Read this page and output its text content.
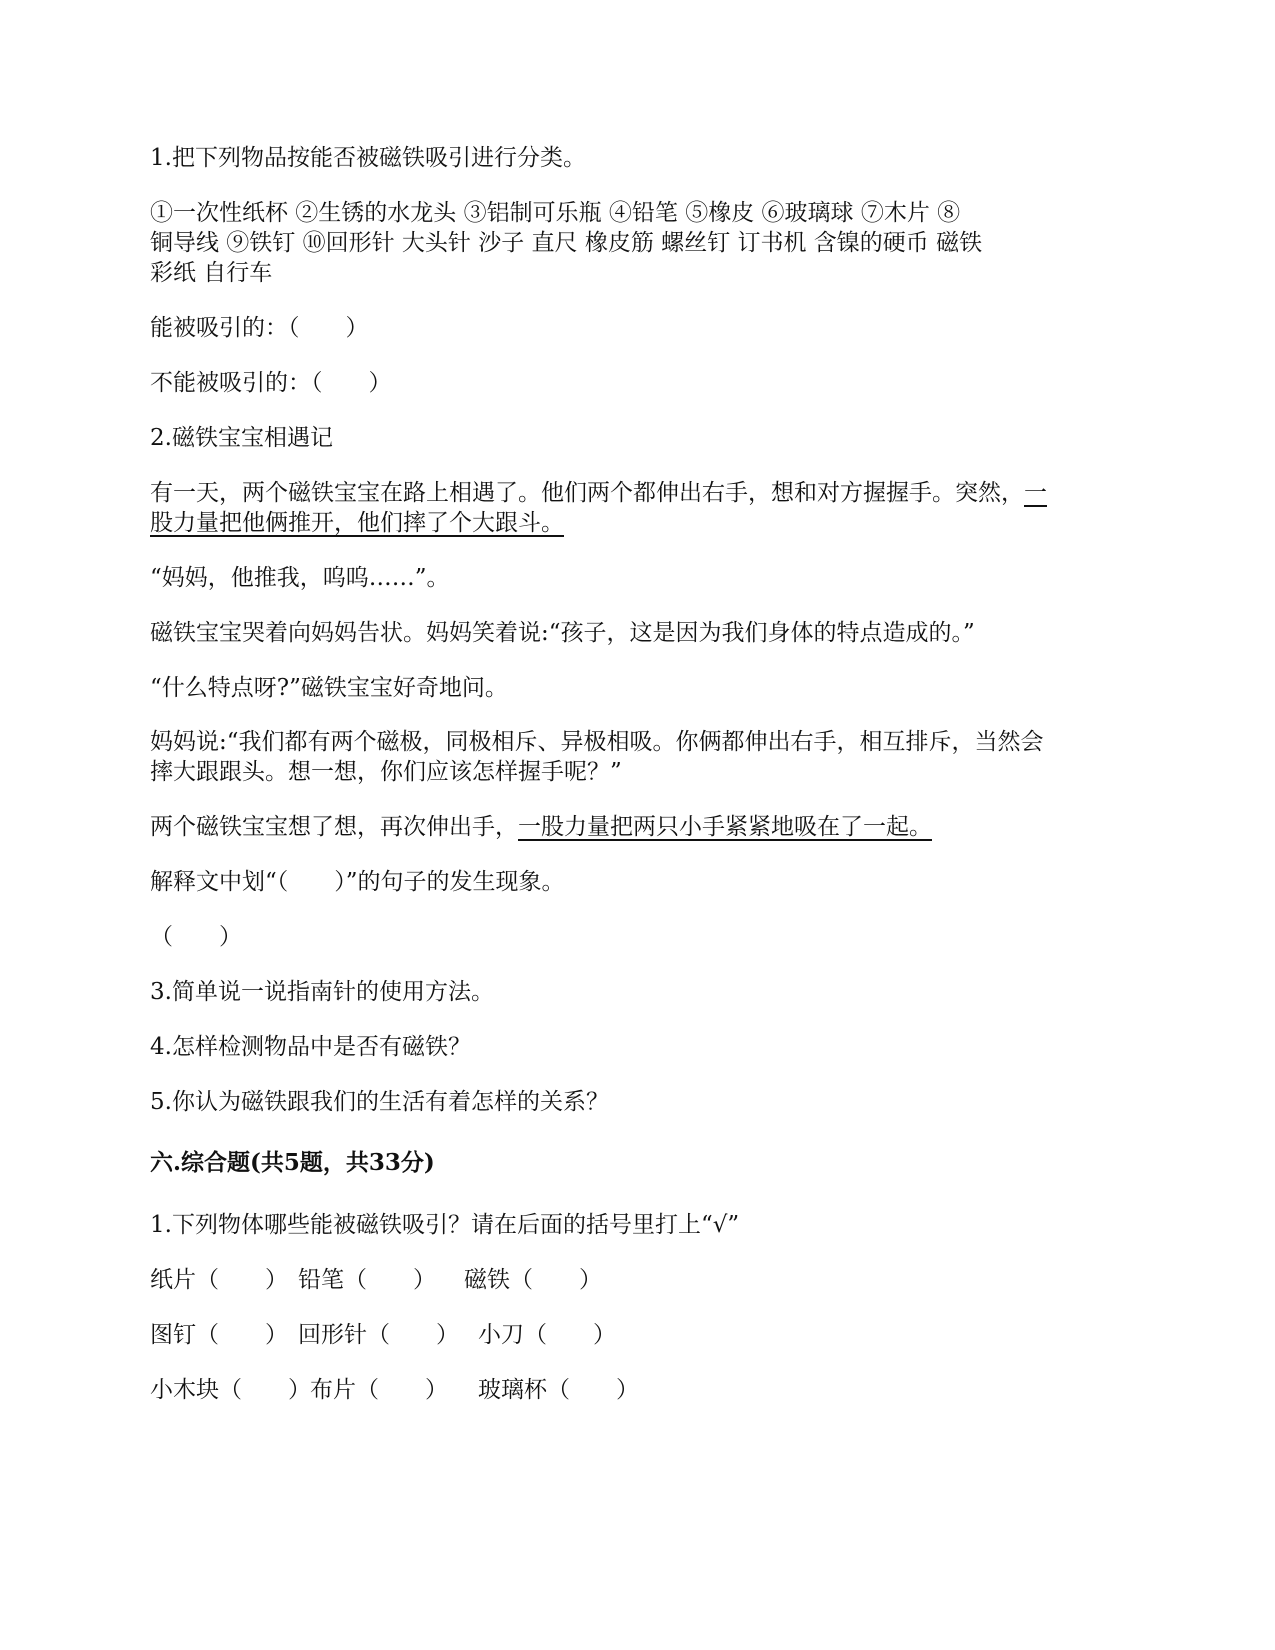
1.把下列物品按能否被磁铁吸引进行分类。
①一次性纸杯 ②生锈的水龙头 ③铝制可乐瓶 ④铅笔 ⑤橡皮 ⑥玻璃球 ⑦木片 ⑧
铜导线 ⑨铁钉 ⑩回形针 大头针 沙子 直尺 橡皮筋 螺丝钉 订书机 含镍的硬币 磁铁
彩纸 自行车
能被吸引的：（　　）
不能被吸引的：（　　）
2.磁铁宝宝相遇记
有一天，两个磁铁宝宝在路上相遇了。他们两个都伸出右手，想和对方握握手。突然，一
股力量把他俩推开，他们摔了个大跟斗。
“妈妈，他推我，呜呜……”。
磁铁宝宝哭着向妈妈告状。妈妈笑着说:“孩子，这是因为我们身体的特点造成的。”
“什么特点呀?”磁铁宝宝好奇地问。
妈妈说:“我们都有两个磁极，同极相斥、异极相吸。你俩都伸出右手，相互排斥，当然会
摔大跟跟头。想一想，你们应该怎样握手呢？”
两个磁铁宝宝想了想，再次伸出手，一股力量把两只小手紧紧地吸在了一起。
解释文中划“（　　）”的句子的发生现象。
（　　）
3.简单说一说指南针的使用方法。
4.怎样检测物品中是否有磁铁？
5.你认为磁铁跟我们的生活有着怎样的关系？
六.综合题(共5题，共33分)
1.下列物体哪些能被磁铁吸引？请在后面的括号里打上“√”
纸片（　　） 铅笔（　　）	磁铁（　　）
图钉（　　） 回形针（　　） 小刀（　　）
小木块（　　） 布片（　　）	玻璃杯（　　）
